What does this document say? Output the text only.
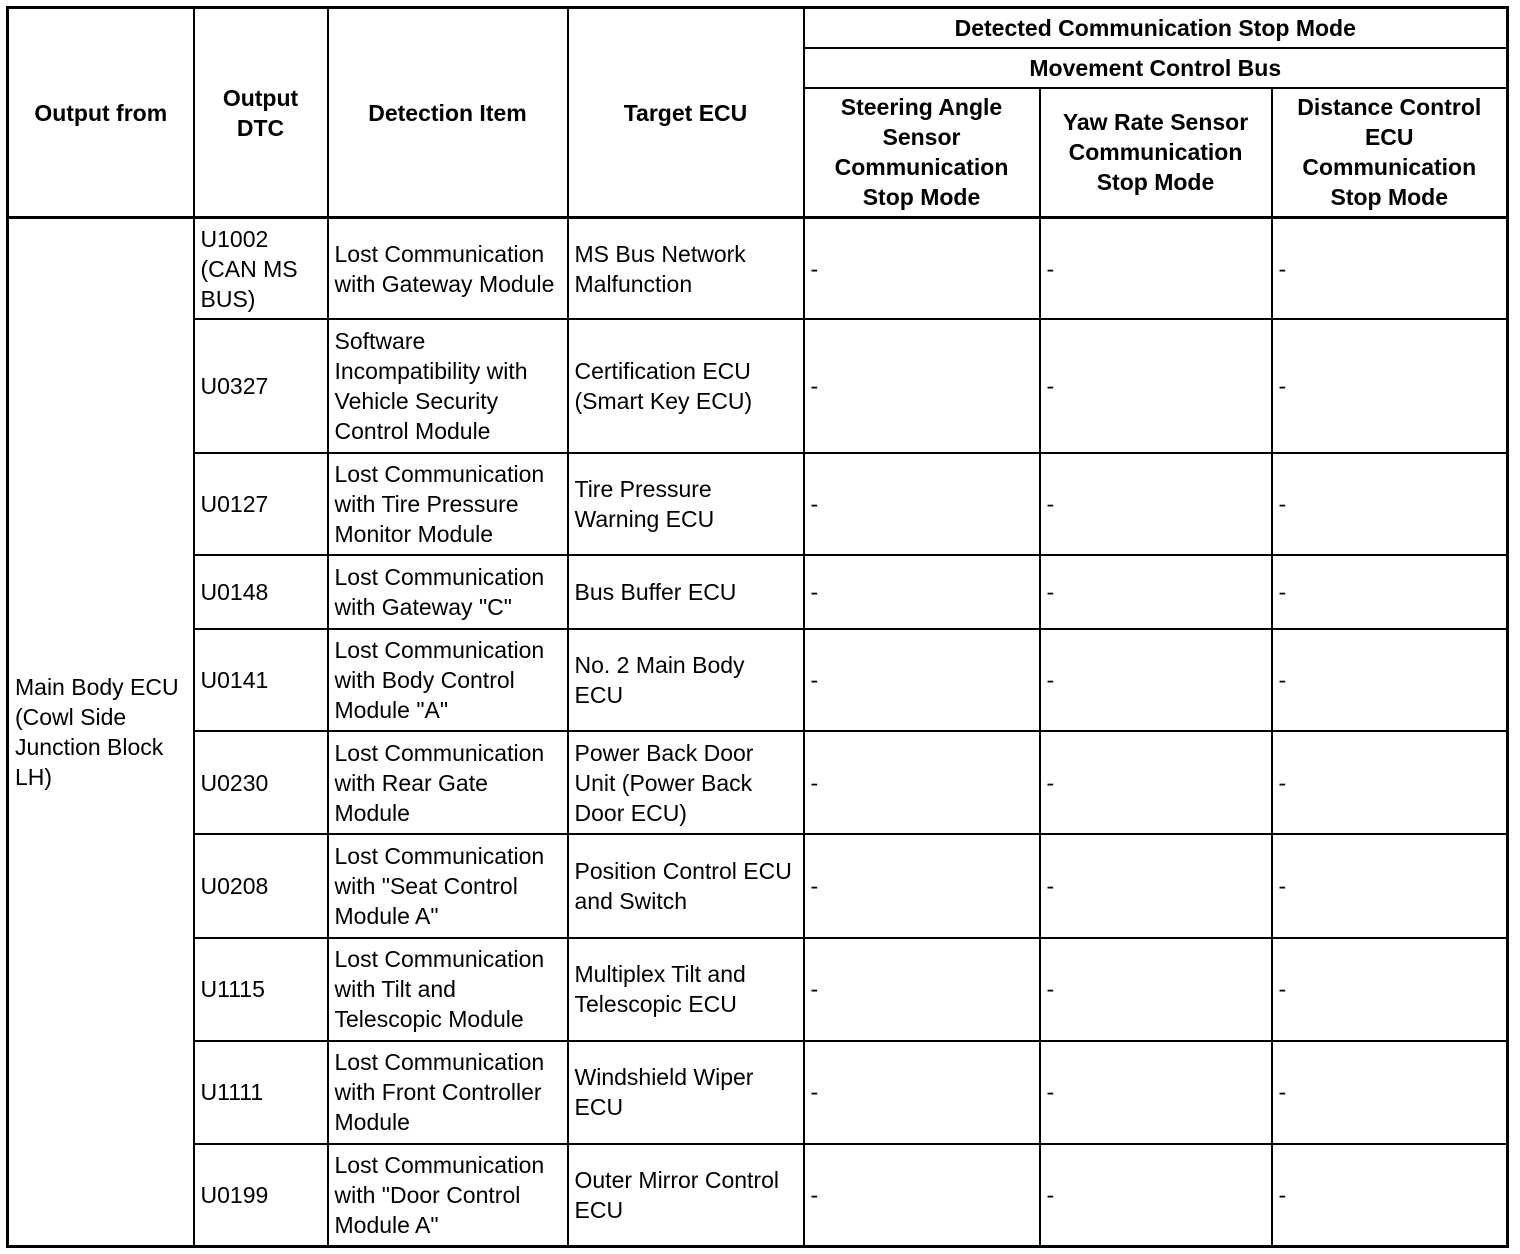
Output from	Output DTC	Detection Item	Target ECU	Detected Communication Stop Mode		
				Movement Control Bus		
				Steering Angle Sensor Communication Stop Mode	Yaw Rate Sensor Communication Stop Mode	Distance Control ECU Communication Stop Mode
Main Body ECU (Cowl Side Junction Block LH)	U1002 (CAN MS BUS)	Lost Communication with Gateway Module	MS Bus Network Malfunction	-	-	-
	U0327	Software Incompatibility with Vehicle Security Control Module	Certification ECU (Smart Key ECU)	-	-	-
	U0127	Lost Communication with Tire Pressure Monitor Module	Tire Pressure Warning ECU	-	-	-
	U0148	Lost Communication with Gateway "C"	Bus Buffer ECU	-	-	-
	U0141	Lost Communication with Body Control Module "A"	No. 2 Main Body ECU	-	-	-
	U0230	Lost Communication with Rear Gate Module	Power Back Door Unit (Power Back Door ECU)	-	-	-
	U0208	Lost Communication with "Seat Control Module A"	Position Control ECU and Switch	-	-	-
	U1115	Lost Communication with Tilt and Telescopic Module	Multiplex Tilt and Telescopic ECU	-	-	-
	U1111	Lost Communication with Front Controller Module	Windshield Wiper ECU	-	-	-
	U0199	Lost Communication with "Door Control Module A"	Outer Mirror Control ECU	-	-	-
